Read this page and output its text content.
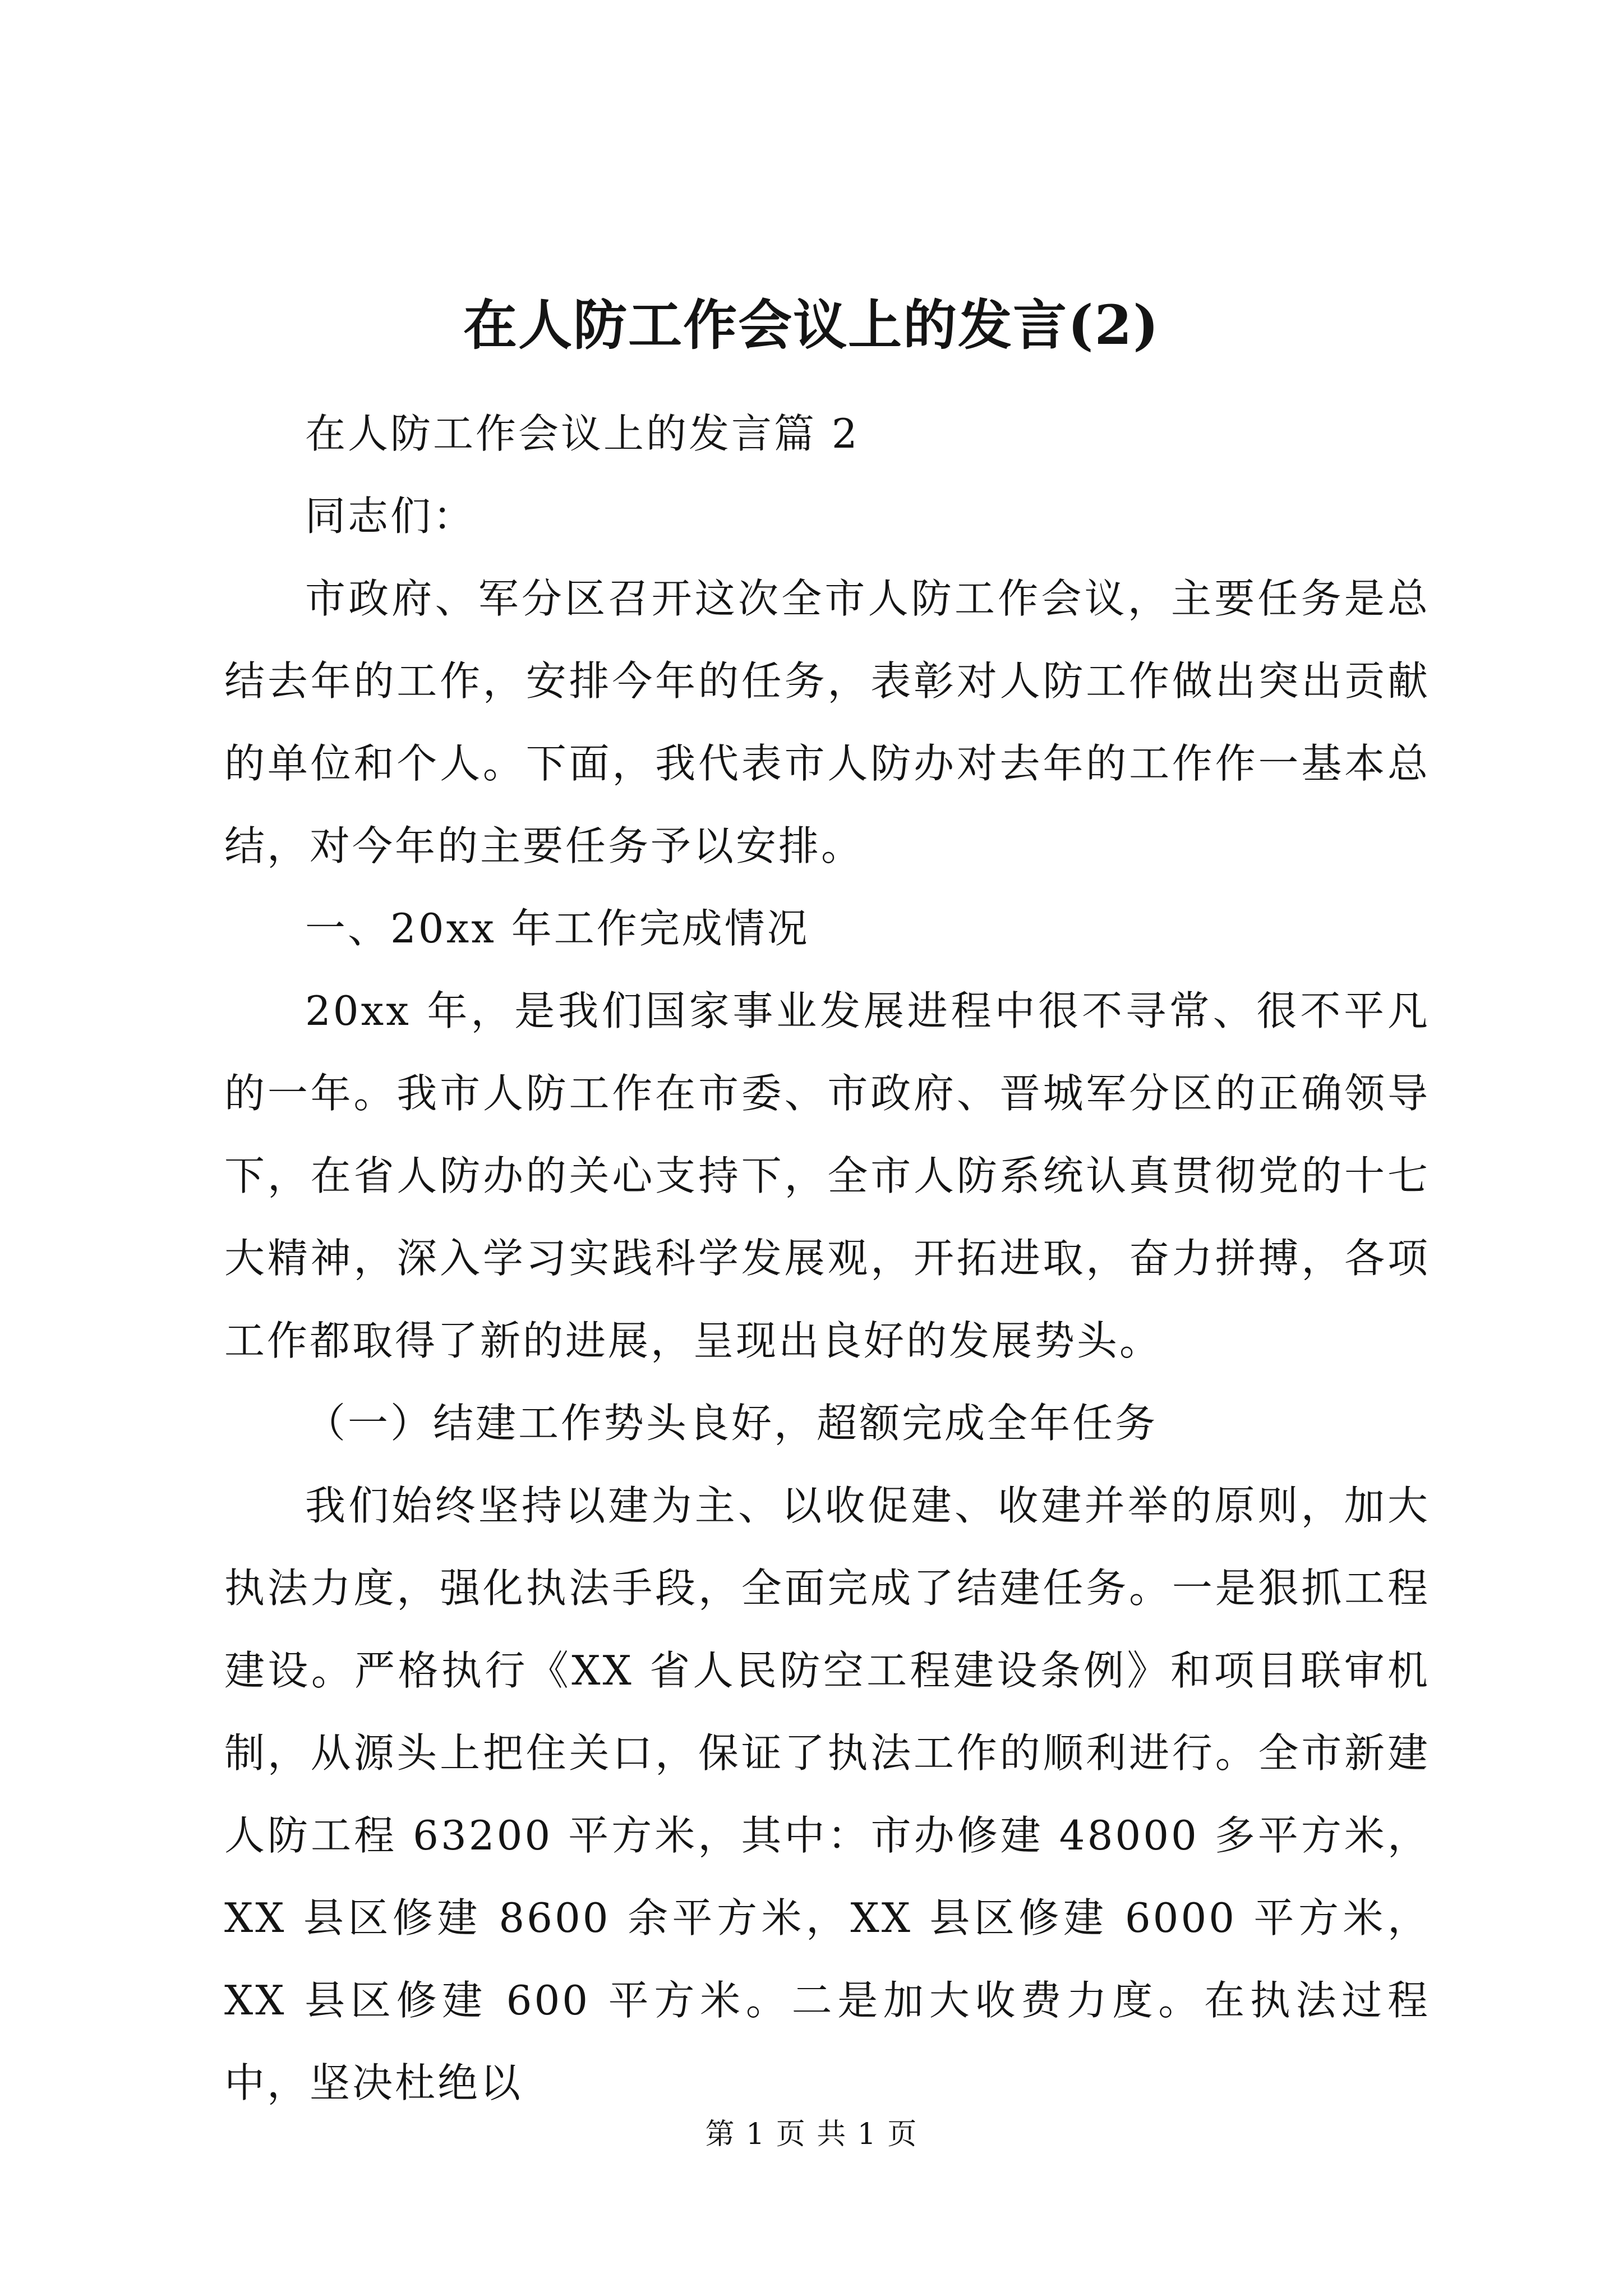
在人防工作会议上的发言(2)

在人防工作会议上的发言篇 2

同志们：

市政府、军分区召开这次全市人防工作会议，主要任务是总结去年的工作，安排今年的任务，表彰对人防工作做出突出贡献的单位和个人。下面，我代表市人防办对去年的工作作一基本总结，对今年的主要任务予以安排。

一、20xx 年工作完成情况

20xx 年，是我们国家事业发展进程中很不寻常、很不平凡的一年。我市人防工作在市委、市政府、晋城军分区的正确领导下，在省人防办的关心支持下，全市人防系统认真贯彻党的十七大精神，深入学习实践科学发展观，开拓进取，奋力拼搏，各项工作都取得了新的进展，呈现出良好的发展势头。

（一）结建工作势头良好，超额完成全年任务

我们始终坚持以建为主、以收促建、收建并举的原则，加大执法力度，强化执法手段，全面完成了结建任务。一是狠抓工程建设。严格执行《XX 省人民防空工程建设条例》和项目联审机制，从源头上把住关口，保证了执法工作的顺利进行。全市新建人防工程 63200 平方米，其中：市办修建 48000 多平方米，XX 县区修建 8600 余平方米，XX 县区修建 6000 平方米，XX 县区修建 600 平方米。二是加大收费力度。在执法过程中，坚决杜绝以

第 1 页 共 1 页
